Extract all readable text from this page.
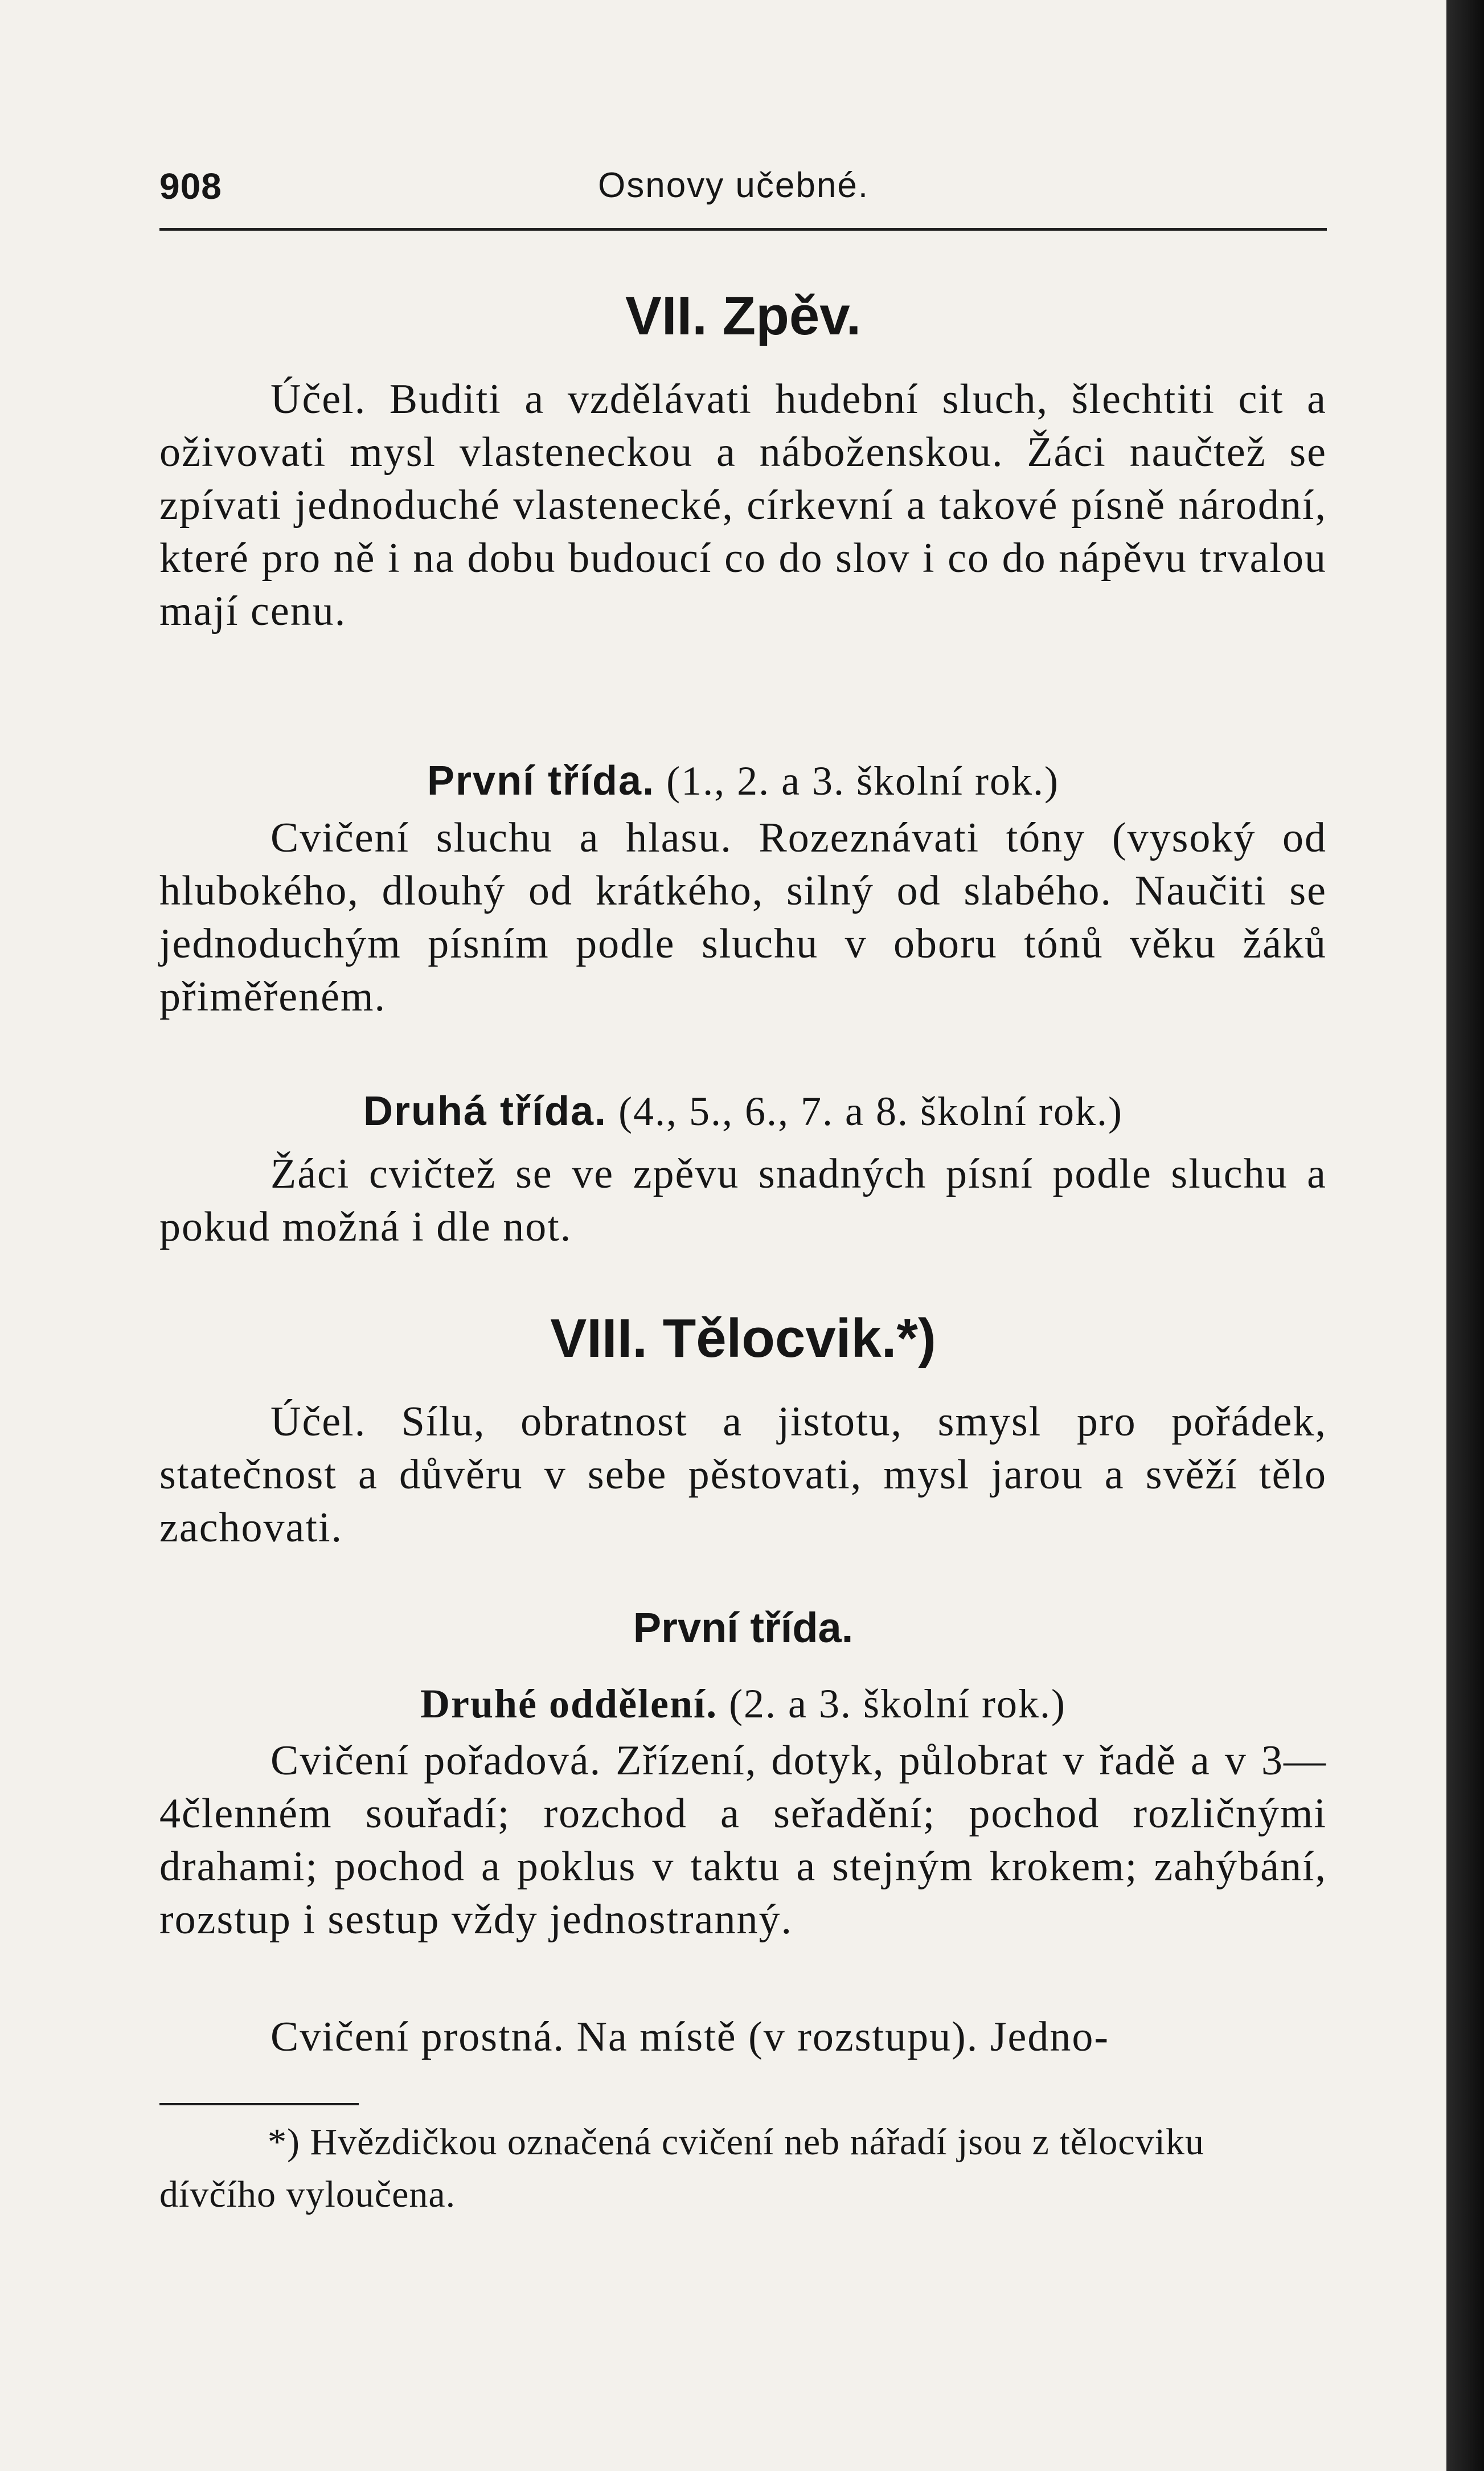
908	Osnovy učebné.
VII. Zpěv.
Účel. Buditi a vzdělávati hudební sluch, šlechtiti cit a oživovati mysl vlasteneckou a náboženskou. Žáci naučtež se zpívati jednoduché vlastenecké, církevní a takové písně národní, které pro ně i na dobu budoucí co do slov i co do nápěvu trvalou mají cenu.
První třída. (1., 2. a 3. školní rok.)
Cvičení sluchu a hlasu. Rozeznávati tóny (vysoký od hlubokého, dlouhý od krátkého, silný od slabého. Naučiti se jednoduchým písním podle sluchu v oboru tónů věku žáků přiměřeném.
Druhá třída. (4., 5., 6., 7. a 8. školní rok.)
Žáci cvičtež se ve zpěvu snadných písní podle sluchu a pokud možná i dle not.
VIII. Tělocvik.*)
Účel. Sílu, obratnost a jistotu, smysl pro pořádek, statečnost a důvěru v sebe pěstovati, mysl jarou a svěží tělo zachovati.
První třída.
Druhé oddělení. (2. a 3. školní rok.)
Cvičení pořadová. Zřízení, dotyk, půlobrat v řadě a v 3—4členném souřadí; rozchod a seřadění; pochod rozličnými drahami; pochod a poklus v taktu a stejným krokem; zahýbání, rozstup i sestup vždy jednostranný.
Cvičení prostná. Na místě (v rozstupu). Jedno-
*) Hvězdičkou označená cvičení neb nářadí jsou z tělocviku dívčího vyloučena.
